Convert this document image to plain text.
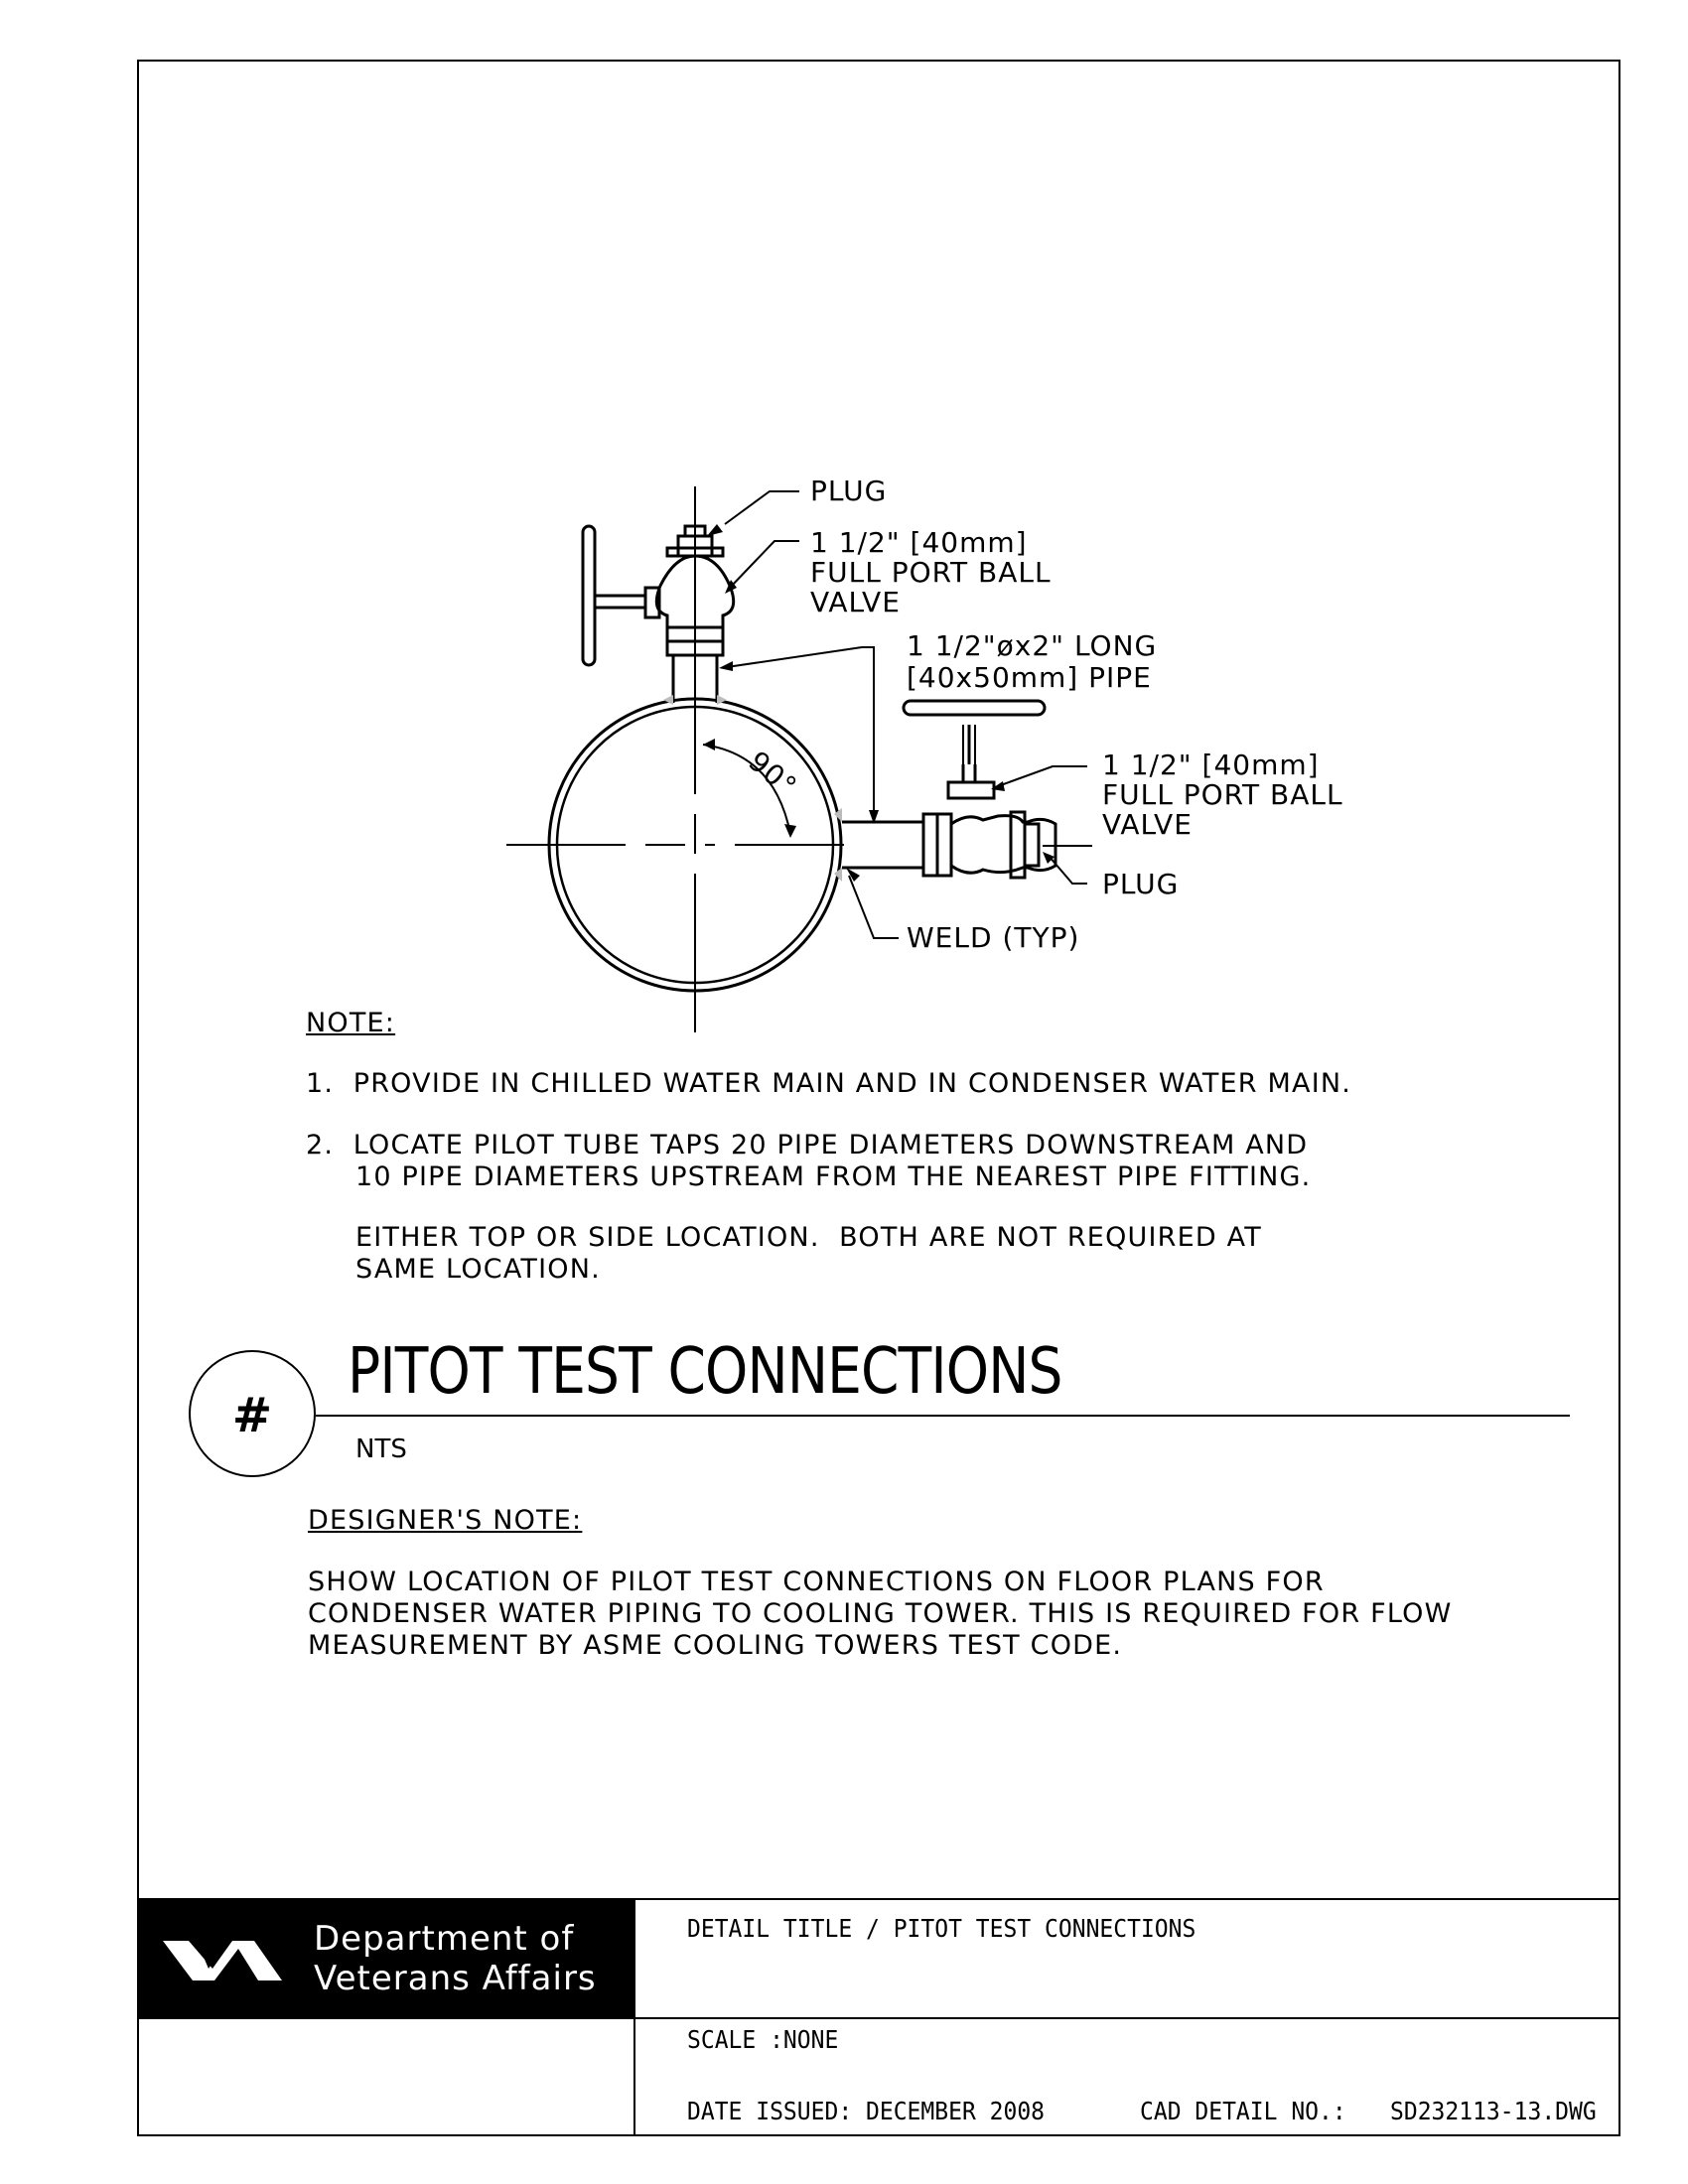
PLUG
1 1/2" [40mm]
FULL PORT BALL
VALVE
1 1/2"øx2" LONG
[40x50mm] PIPE
1 1/2" [40mm]
FULL PORT BALL
VALVE
PLUG
WELD (TYP)
90°
NOTE:
1.  PROVIDE IN CHILLED WATER MAIN AND IN CONDENSER WATER MAIN.
2.  LOCATE PILOT TUBE TAPS 20 PIPE DIAMETERS DOWNSTREAM AND
10 PIPE DIAMETERS UPSTREAM FROM THE NEAREST PIPE FITTING.
EITHER TOP OR SIDE LOCATION.  BOTH ARE NOT REQUIRED AT
SAME LOCATION.
#
PITOT TEST CONNECTIONS
NTS
DESIGNER'S NOTE:
SHOW LOCATION OF PILOT TEST CONNECTIONS ON FLOOR PLANS FOR
CONDENSER WATER PIPING TO COOLING TOWER. THIS IS REQUIRED FOR FLOW
MEASUREMENT BY ASME COOLING TOWERS TEST CODE.
Department of
Veterans Affairs
DETAIL TITLE / PITOT TEST CONNECTIONS
SCALE :NONE
DATE ISSUED: DECEMBER 2008	CAD DETAIL NO.: SD232113-13.DWG
